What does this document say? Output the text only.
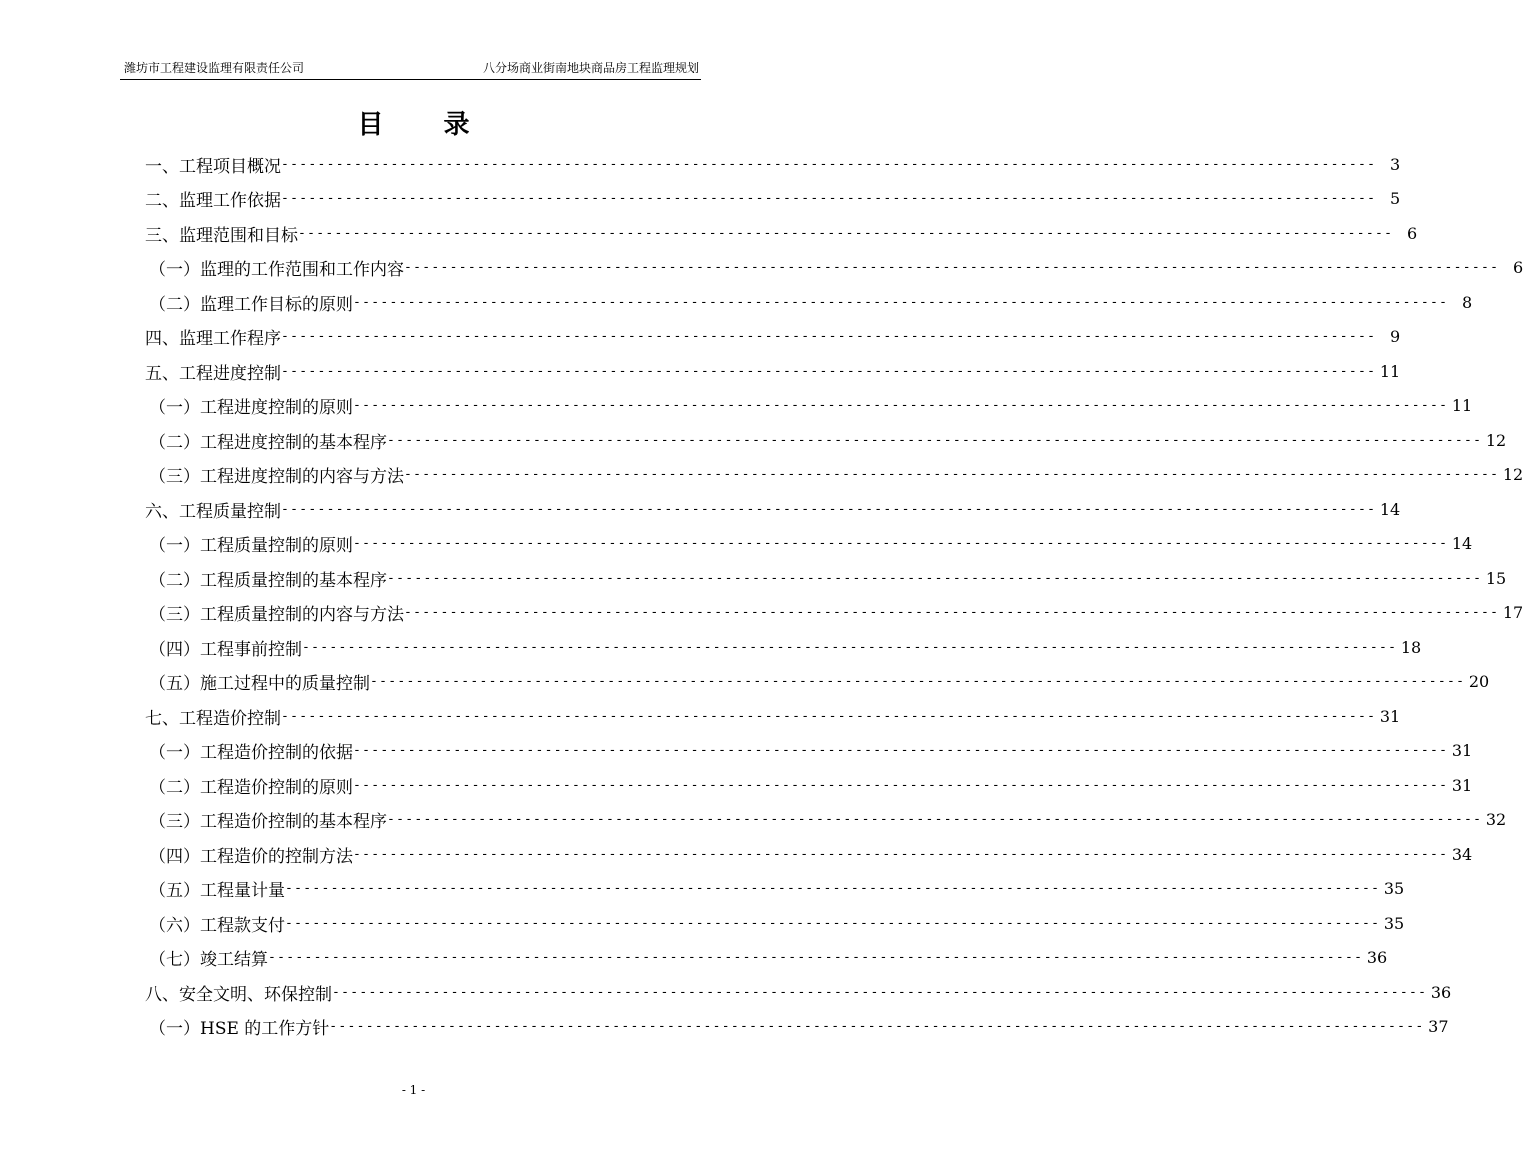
潍坊市工程建设监理有限责任公司	八分场商业街南地块商品房工程监理规划
目 录
一、工程项目概况 ------------------------------------------------------------------------------------------------------------------------ 3
二、监理工作依据 ------------------------------------------------------------------------------------------------------------------------ 5
三、监理范围和目标 ------------------------------------------------------------------------------------------------------------------------ 6
（一）监理的工作范围和工作内容 ------------------------------------------------------------------------------------------------------------------------ 6
（二）监理工作目标的原则 ------------------------------------------------------------------------------------------------------------------------ 8
四、监理工作程序 ------------------------------------------------------------------------------------------------------------------------ 9
五、工程进度控制 ------------------------------------------------------------------------------------------------------------------------ 11
（一）工程进度控制的原则 ------------------------------------------------------------------------------------------------------------------------ 11
（二）工程进度控制的基本程序 ------------------------------------------------------------------------------------------------------------------------ 12
（三）工程进度控制的内容与方法 ------------------------------------------------------------------------------------------------------------------------ 12
六、工程质量控制 ------------------------------------------------------------------------------------------------------------------------ 14
（一）工程质量控制的原则 ------------------------------------------------------------------------------------------------------------------------ 14
（二）工程质量控制的基本程序 ------------------------------------------------------------------------------------------------------------------------ 15
（三）工程质量控制的内容与方法 ------------------------------------------------------------------------------------------------------------------------ 17
（四）工程事前控制 ------------------------------------------------------------------------------------------------------------------------ 18
（五）施工过程中的质量控制 ------------------------------------------------------------------------------------------------------------------------ 20
七、工程造价控制 ------------------------------------------------------------------------------------------------------------------------ 31
（一）工程造价控制的依据 ------------------------------------------------------------------------------------------------------------------------ 31
（二）工程造价控制的原则 ------------------------------------------------------------------------------------------------------------------------ 31
（三）工程造价控制的基本程序 ------------------------------------------------------------------------------------------------------------------------ 32
（四）工程造价的控制方法 ------------------------------------------------------------------------------------------------------------------------ 34
（五）工程量计量 ------------------------------------------------------------------------------------------------------------------------ 35
（六）工程款支付 ------------------------------------------------------------------------------------------------------------------------ 35
（七）竣工结算 ------------------------------------------------------------------------------------------------------------------------ 36
八、安全文明、环保控制 ------------------------------------------------------------------------------------------------------------------------ 36
（一）HSE 的工作方针 ------------------------------------------------------------------------------------------------------------------------ 37
- 1 -
